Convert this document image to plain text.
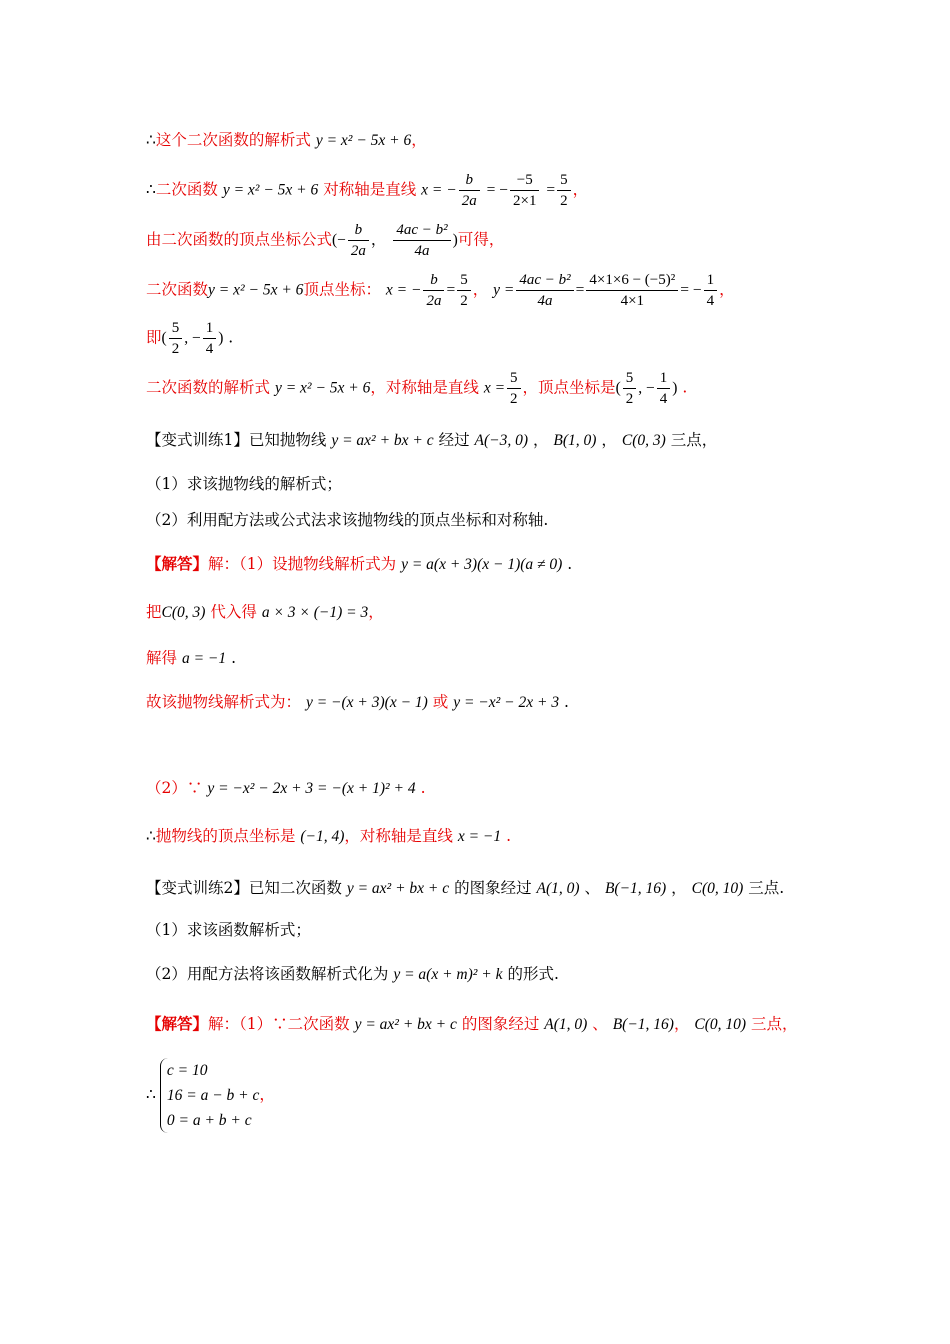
∴这个二次函数的解析式 y = x² − 5x + 6，
∴二次函数 y = x² − 5x + 6 对称轴是直线 x = − $\frac{b}{2a}$ = − $\frac{-5}{2\times 1} = \frac{5}{2}$ ，
由二次函数的顶点坐标公式(− $\frac{b}{2a}$ ， $\frac{\text{4ac − b²}}{4a}$ )可得，
二次函数y = x² − 5x + 6顶点坐标： x = − $\frac{b}{2a} = \frac{5}{2}$ ， $y = \frac{\text{4ac − b²}}{4a} = \frac{\text{4×1×6 − (−5)²}}{4\times 1}$ = − $\frac{1}{4}$ ，
即( $\frac{5}{2}$ , − $\frac{1}{4}$ ) .
二次函数的解析式 y = x² − 5x + 6，对称轴是直线 $x = \frac{5}{2}$ ，顶点坐标是( $\frac{5}{2}$ , − $\frac{1}{4}$ ) .
【变式训练1】已知抛物线 y = ax² + bx + c 经过 A(−3, 0) ， B(1, 0) ， C(0, 3) 三点，
（1）求该抛物线的解析式；
（2）利用配方法或公式法求该抛物线的顶点坐标和对称轴.
【解答】解：（1）设抛物线解析式为 y = a(x + 3)(x − 1)(a ≠ 0) .
把C(0, 3) 代入得 a × 3 × (−1) = 3，
解得 a = −1 .
故该抛物线解析式为： y = −(x + 3)(x − 1) 或 y = −x² − 2x + 3 .
（2）∵ y = −x² − 2x + 3 = −(x + 1)² + 4 .
∴抛物线的顶点坐标是 (−1, 4)，对称轴是直线 x = −1 .
【变式训练2】已知二次函数 y = ax² + bx + c 的图象经过 A(1, 0) 、 B(−1, 16) ， C(0, 10) 三点.
（1）求该函数解析式；
（2）用配方法将该函数解析式化为 y = a(x + m)² + k 的形式.
【解答】解：（1）∵二次函数 y = ax² + bx + c 的图象经过 A(1, 0) 、 B(−1, 16)， C(0, 10) 三点，
∴
c = 10
16 = a − b + c
0 = a + b + c
，
